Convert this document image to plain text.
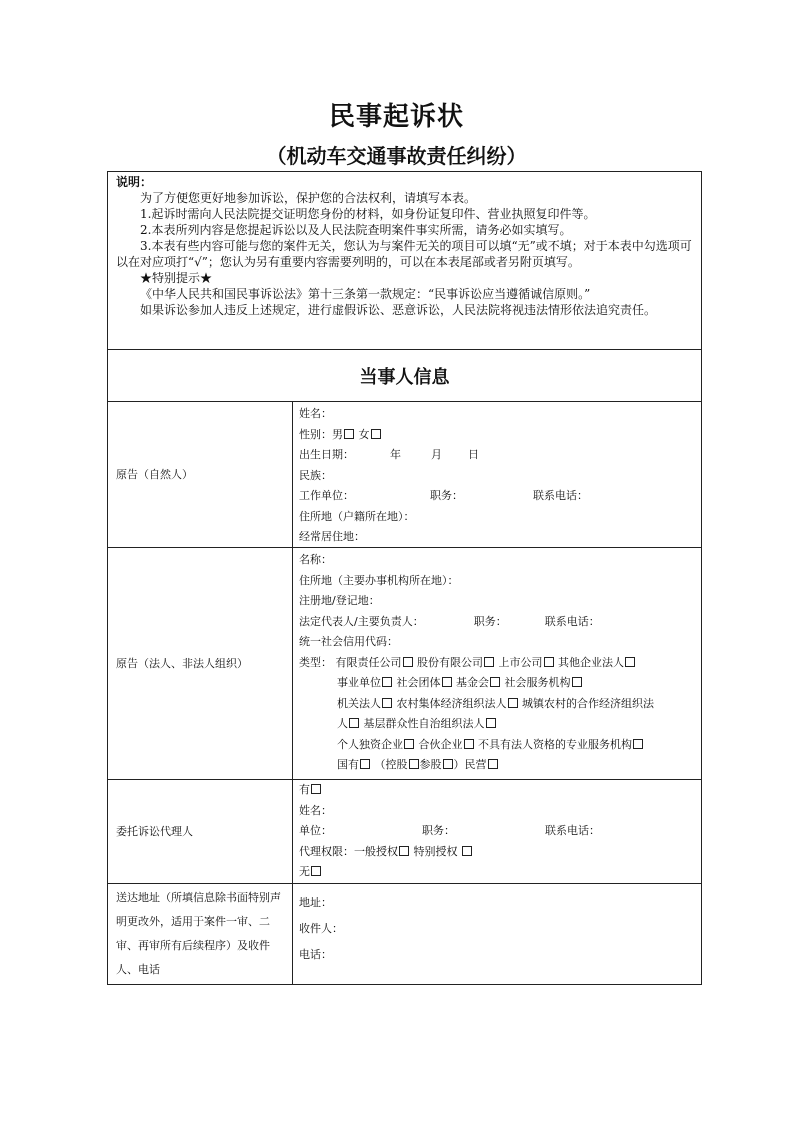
民事起诉状
（机动车交通事故责任纠纷）
说明：

为了方便您更好地参加诉讼，保护您的合法权利，请填写本表。

1.起诉时需向人民法院提交证明您身份的材料，如身份证复印件、营业执照复印件等。

2.本表所列内容是您提起诉讼以及人民法院查明案件事实所需，请务必如实填写。

3.本表有些内容可能与您的案件无关，您认为与案件无关的项目可以填“无”或不填；对于本表中勾选项可以在对应项打“√”；您认为另有重要内容需要列明的，可以在本表尾部或者另附页填写。

★特别提示★

《中华人民共和国民事诉讼法》第十三条第一款规定：“民事诉讼应当遵循诚信原则。”

如果诉讼参加人违反上述规定，进行虚假诉讼、恶意诉讼，人民法院将视违法情形依法追究责任。

当事人信息
原告（自然人）
姓名：
性别：男 女
出生日期：	年	月 日
民族：
工作单位：	职务：	联系电话：
住所地（户籍所在地）：
经常居住地：
原告（法人、非法人组织）
名称：
住所地（主要办事机构所在地）：
注册地/登记地：
法定代表人/主要负责人：	职务：	联系电话：
统一社会信用代码：
类型： 有限责任公司 股份有限公司 上市公司 其他企业法人
事业单位 社会团体 基金会 社会服务机构
机关法人 农村集体经济组织法人 城镇农村的合作经济组织法
人 基层群众性自治组织法人
个人独资企业 合伙企业 不具有法人资格的专业服务机构
国有 （控股 参股 ）民营
委托诉讼代理人
有
姓名：
单位：	职务：	联系电话：
代理权限：一般授权 特别授权
无
送达地址（所填信息除书面特别声明更改外，适用于案件一审、二审、再审所有后续程序）及收件人、电话
地址：
收件人：
电话：
